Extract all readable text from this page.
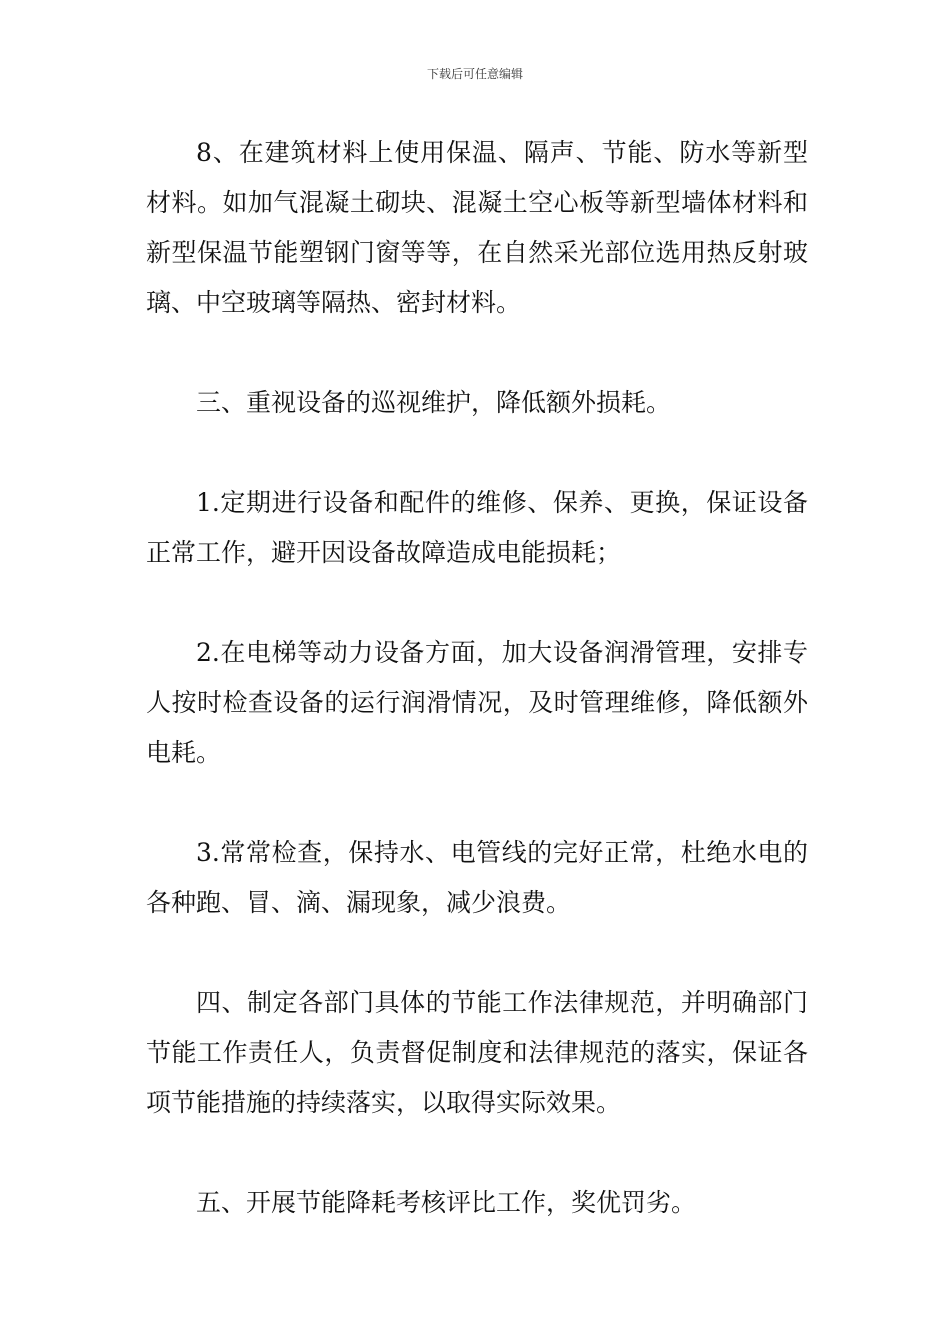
下载后可任意编辑

8、在建筑材料上使用保温、隔声、节能、防水等新型材料。如加气混凝土砌块、混凝土空心板等新型墙体材料和新型保温节能塑钢门窗等等，在自然采光部位选用热反射玻璃、中空玻璃等隔热、密封材料。

三、重视设备的巡视维护，降低额外损耗。

1.定期进行设备和配件的维修、保养、更换，保证设备正常工作，避开因设备故障造成电能损耗；

2.在电梯等动力设备方面，加大设备润滑管理，安排专人按时检查设备的运行润滑情况，及时管理维修，降低额外电耗。

3.常常检查，保持水、电管线的完好正常，杜绝水电的各种跑、冒、滴、漏现象，减少浪费。

四、制定各部门具体的节能工作法律规范，并明确部门节能工作责任人，负责督促制度和法律规范的落实，保证各项节能措施的持续落实，以取得实际效果。

五、开展节能降耗考核评比工作，奖优罚劣。
